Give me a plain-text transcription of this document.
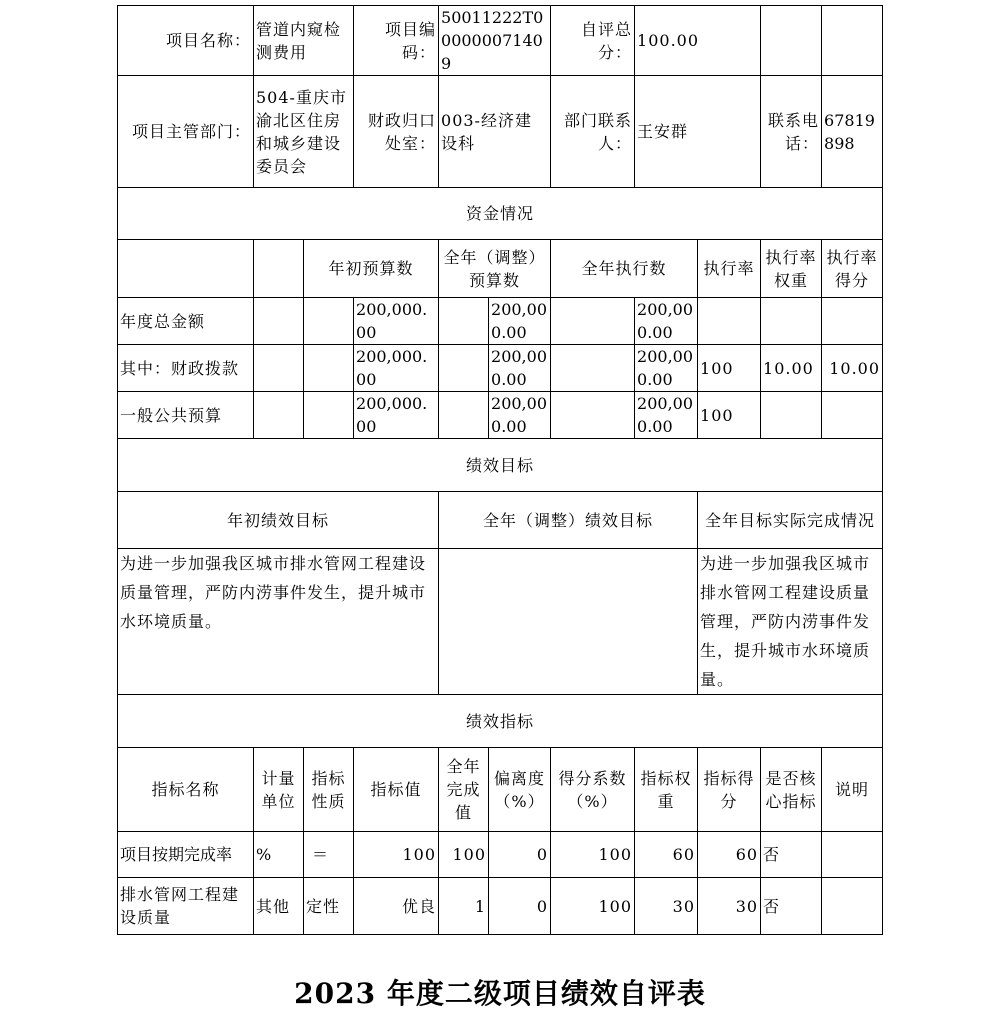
项目名称：	管道内窥检测费用		项目编码：	50011222T000000071409		自评总分：	100.00			
项目主管部门：	504-重庆市渝北区住房和城乡建设委员会		财政归口处室：	003-经济建设科		部门联系人：	王安群		联系电话：	67819898
资金情况										
		年初预算数		全年（调整）预算数		全年执行数		执行率	执行率权重	执行率得分
年度总金额			200,000.00		200,000.00		200,000.00			
其中：财政拨款			200,000.00		200,000.00		200,000.00	100	10.00	10.00
一般公共预算			200,000.00		200,000.00		200,000.00	100		
绩效目标										
年初绩效目标				全年（调整）绩效目标				全年目标实际完成情况		
为进一步加强我区城市排水管网工程建设质量管理，严防内涝事件发生，提升城市水环境质量。								为进一步加强我区城市排水管网工程建设质量管理，严防内涝事件发生，提升城市水环境质量。		
绩效指标										
指标名称	计量单位	指标性质	指标值	全年完成值	偏离度（%）	得分系数（%）	指标权重	指标得分	是否核心指标	说明
项目按期完成率	%	＝	100	100	0	100	60	60	否	
排水管网工程建设质量	其他	定性	优良	1	0	100	30	30	否	
2023 年度二级项目绩效自评表
